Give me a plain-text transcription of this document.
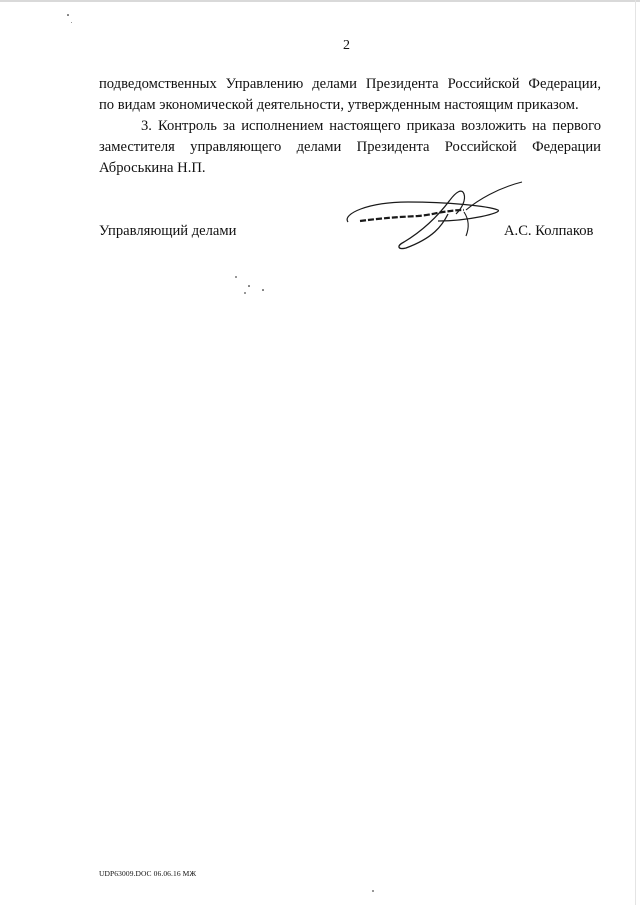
2
подведомственных Управлению делами Президента Российской Федерации,
по видам экономической деятельности, утвержденным настоящим приказом.
3. Контроль за исполнением настоящего приказа возложить на первого
заместителя управляющего делами Президента Российской Федерации
Аброськина Н.П.
Управляющий делами	А.С. Колпаков
UDP63009.DOC 06.06.16 МЖ
